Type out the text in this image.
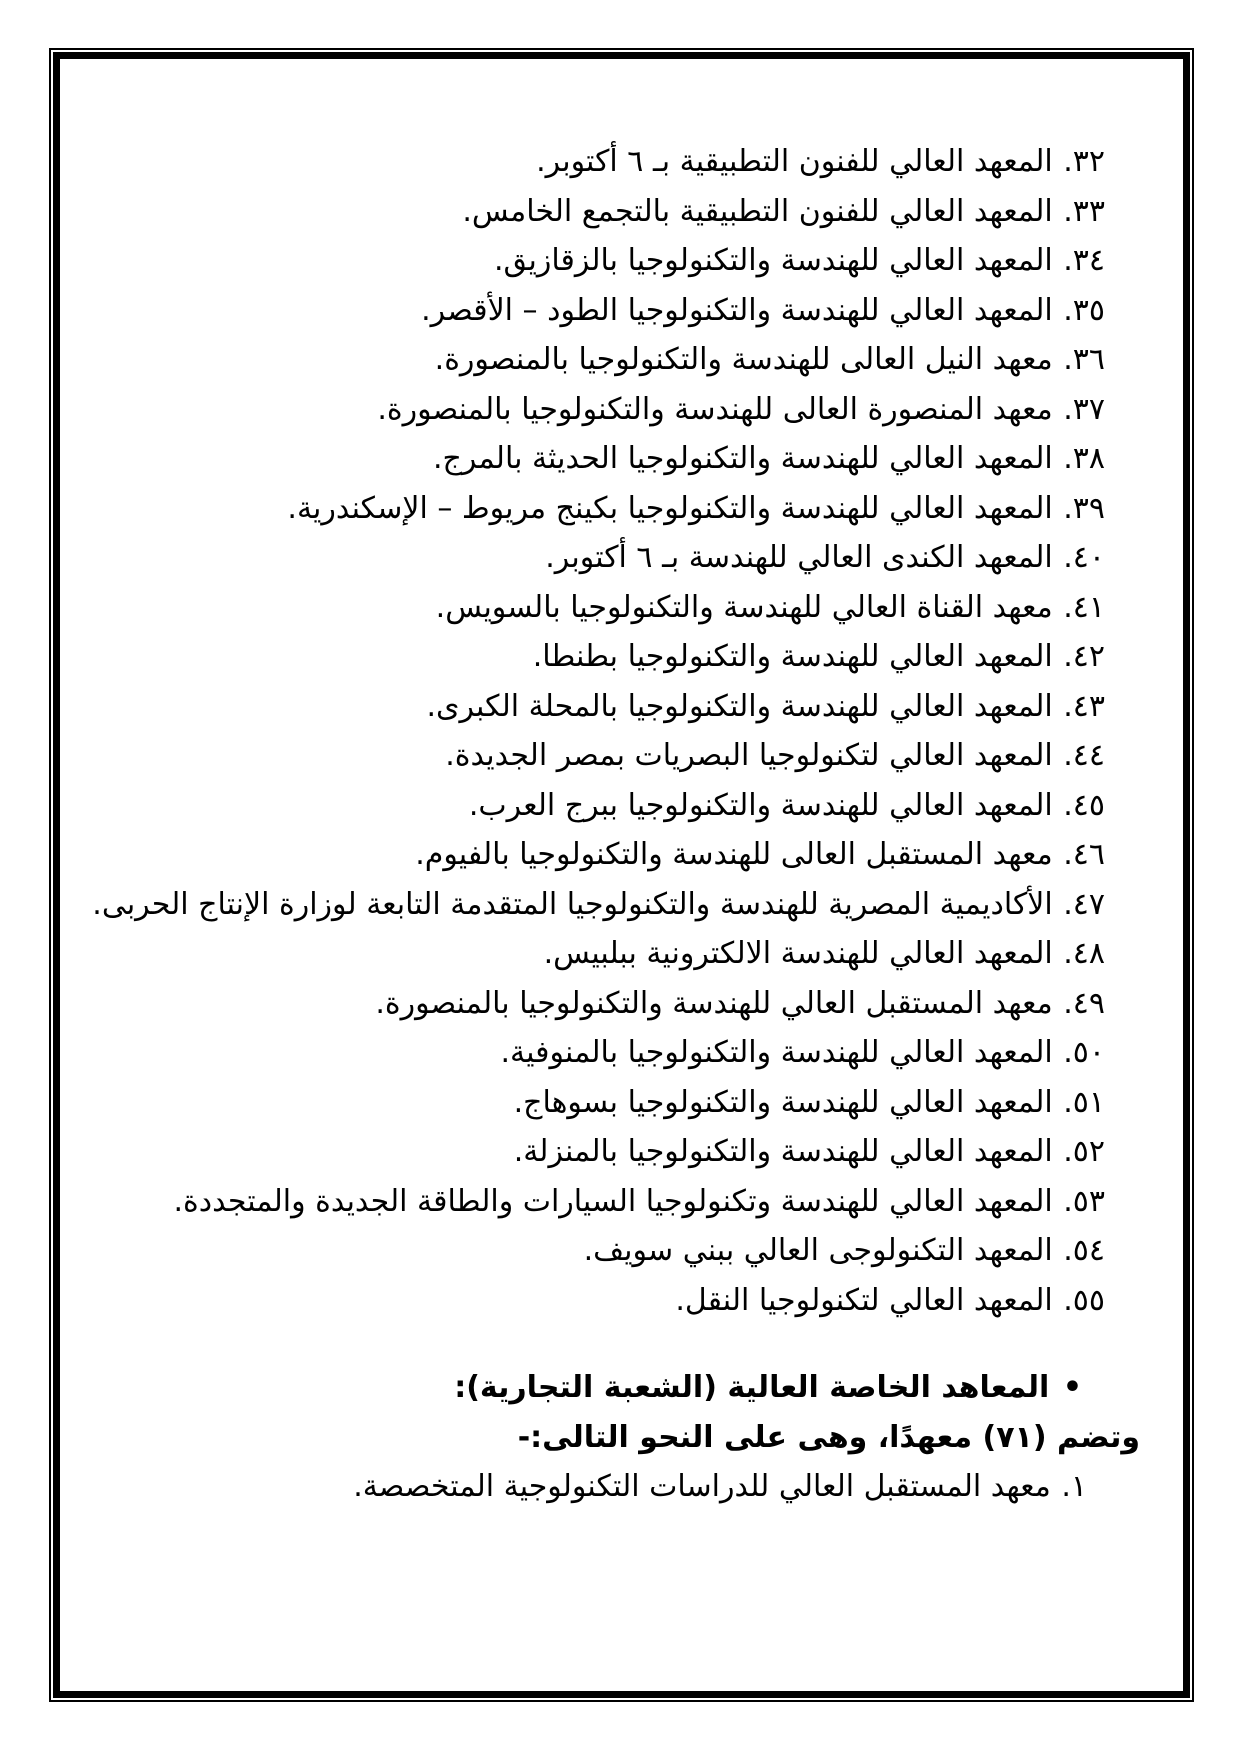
٣٢.المعهد العالي للفنون التطبيقية بـ ٦ أكتوبر.
٣٣.المعهد العالي للفنون التطبيقية بالتجمع الخامس.
٣٤.المعهد العالي للهندسة والتكنولوجيا بالزقازيق.
٣٥.المعهد العالي للهندسة والتكنولوجيا الطود – الأقصر.
٣٦.معهد النيل العالى للهندسة والتكنولوجيا بالمنصورة.
٣٧.معهد المنصورة العالى للهندسة والتكنولوجيا بالمنصورة.
٣٨.المعهد العالي للهندسة والتكنولوجيا الحديثة بالمرج.
٣٩.المعهد العالي للهندسة والتكنولوجيا بكينج مريوط – الإسكندرية.
٤٠.المعهد الكندى العالي للهندسة بـ ٦ أكتوبر.
٤١.معهد القناة العالي للهندسة والتكنولوجيا بالسويس.
٤٢.المعهد العالي للهندسة والتكنولوجيا بطنطا.
٤٣.المعهد العالي للهندسة والتكنولوجيا بالمحلة الكبرى.
٤٤.المعهد العالي لتكنولوجيا البصريات بمصر الجديدة.
٤٥.المعهد العالي للهندسة والتكنولوجيا ببرج العرب.
٤٦.معهد المستقبل العالى للهندسة والتكنولوجيا بالفيوم.
٤٧.الأكاديمية المصرية للهندسة والتكنولوجيا المتقدمة التابعة لوزارة الإنتاج الحربى.
٤٨.المعهد العالي للهندسة الالكترونية ببلبيس.
٤٩.معهد المستقبل العالي للهندسة والتكنولوجيا بالمنصورة.
٥٠.المعهد العالي للهندسة والتكنولوجيا بالمنوفية.
٥١.المعهد العالي للهندسة والتكنولوجيا بسوهاج.
٥٢.المعهد العالي للهندسة والتكنولوجيا بالمنزلة.
٥٣.المعهد العالي للهندسة وتكنولوجيا السيارات والطاقة الجديدة والمتجددة.
٥٤.المعهد التكنولوجى العالي ببني سويف.
٥٥.المعهد العالي لتكنولوجيا النقل.
•المعاهد الخاصة العالية (الشعبة التجارية):
وتضم (٧١) معهدًا، وهى على النحو التالى:-
١.معهد المستقبل العالي للدراسات التكنولوجية المتخصصة.
